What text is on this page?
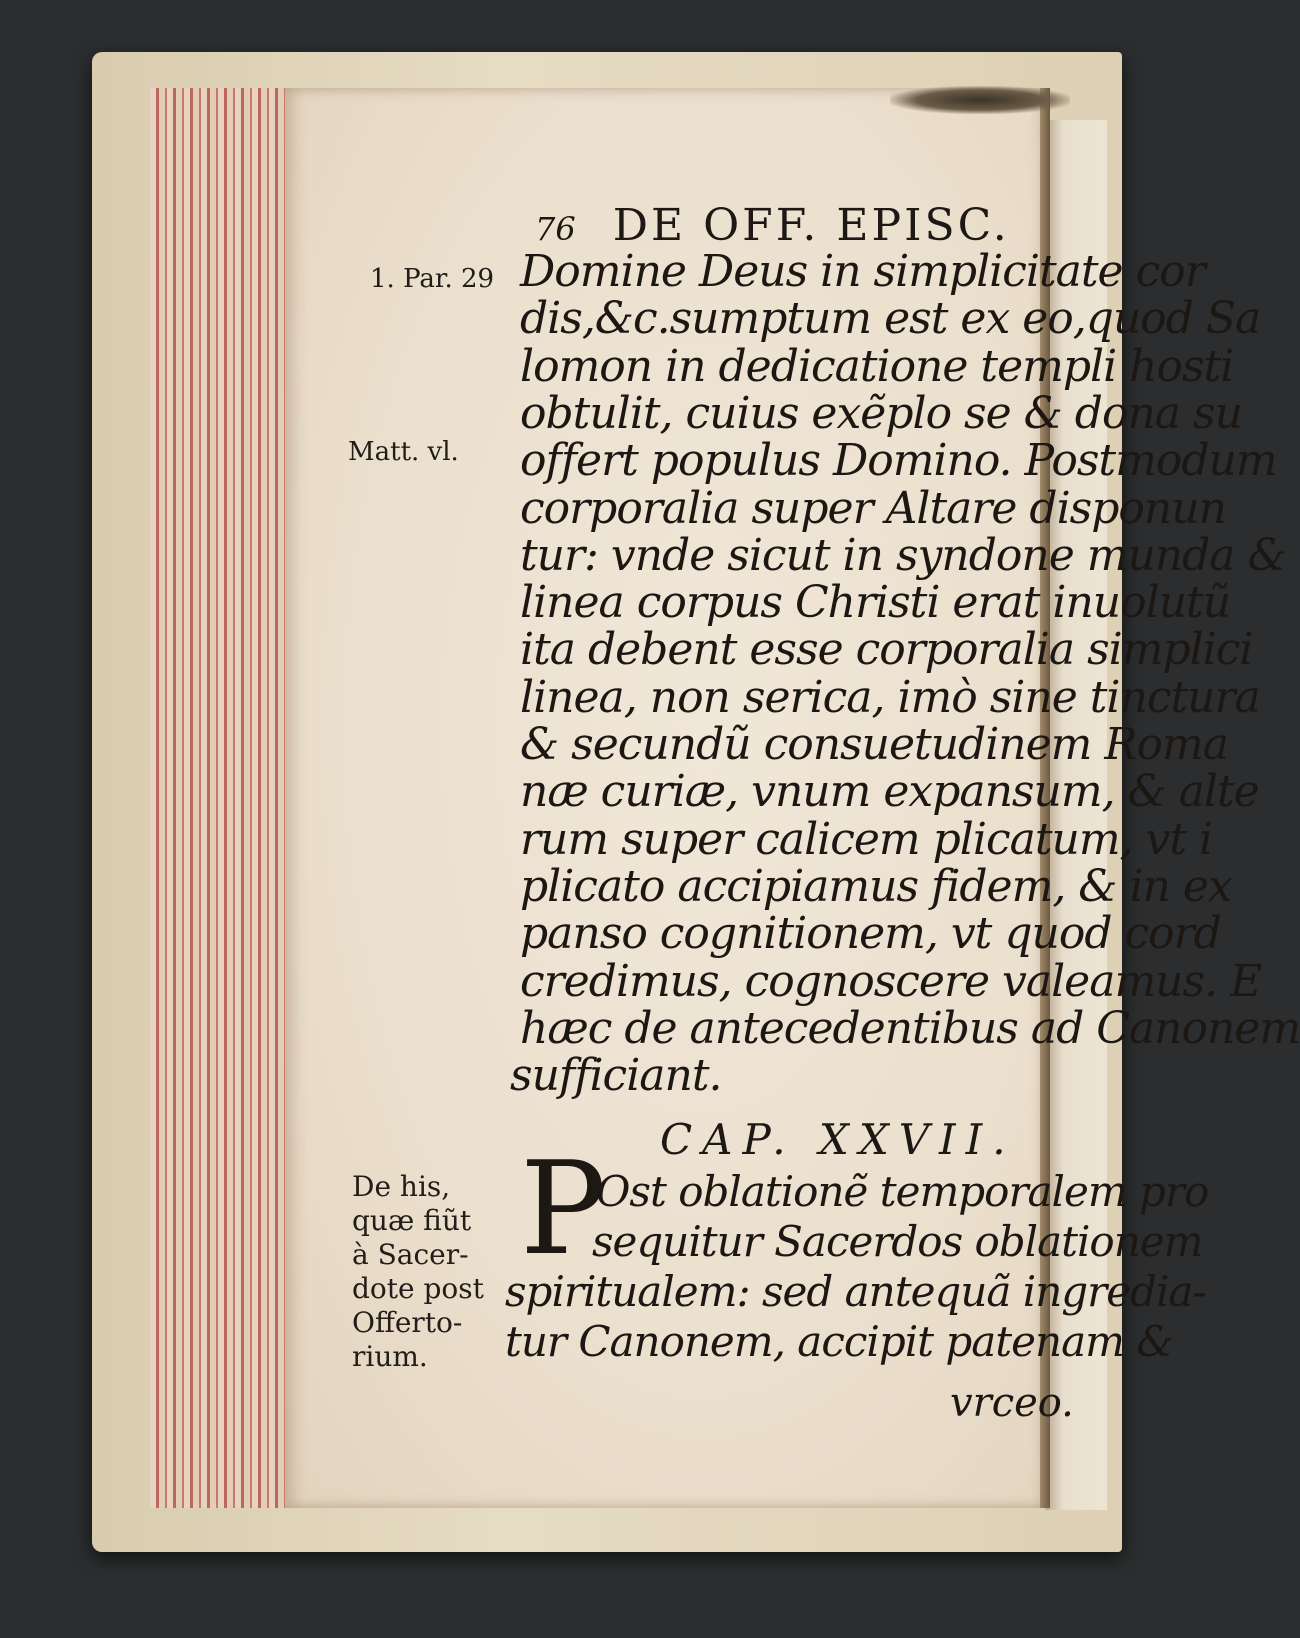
76 DE OFF. EPISC.
1. Par. 29
Matt. vl.
Domine Deus in simplicitate cor
dis,&c.sumptum est ex eo,quod Sa
lomon in dedicatione templi hosti
obtulit, cuius exẽplo se & dona su
offert populus Domino. Postmodum
corporalia super Altare disponun
tur: vnde sicut in syndone munda &
linea corpus Christi erat inuolutũ
ita debent esse corporalia simplici
linea, non serica, imò sine tinctura
& secundũ consuetudinem Roma
næ curiæ, vnum expansum, & alte
rum super calicem plicatum, vt i
plicato accipiamus fidem, & in ex
panso cognitionem, vt quod cord
credimus, cognoscere valeamus. E
hæc de antecedentibus ad Canonem
sufficiant.
CAP. XXVII.
P
De his,
quæ fiũt
à Sacer-
dote post
Offerto-
rium.
Ost oblationẽ temporalem pro
sequitur Sacerdos oblationem
spiritualem: sed antequã ingredia-
tur Canonem, accipit patenam &
vrceo.
